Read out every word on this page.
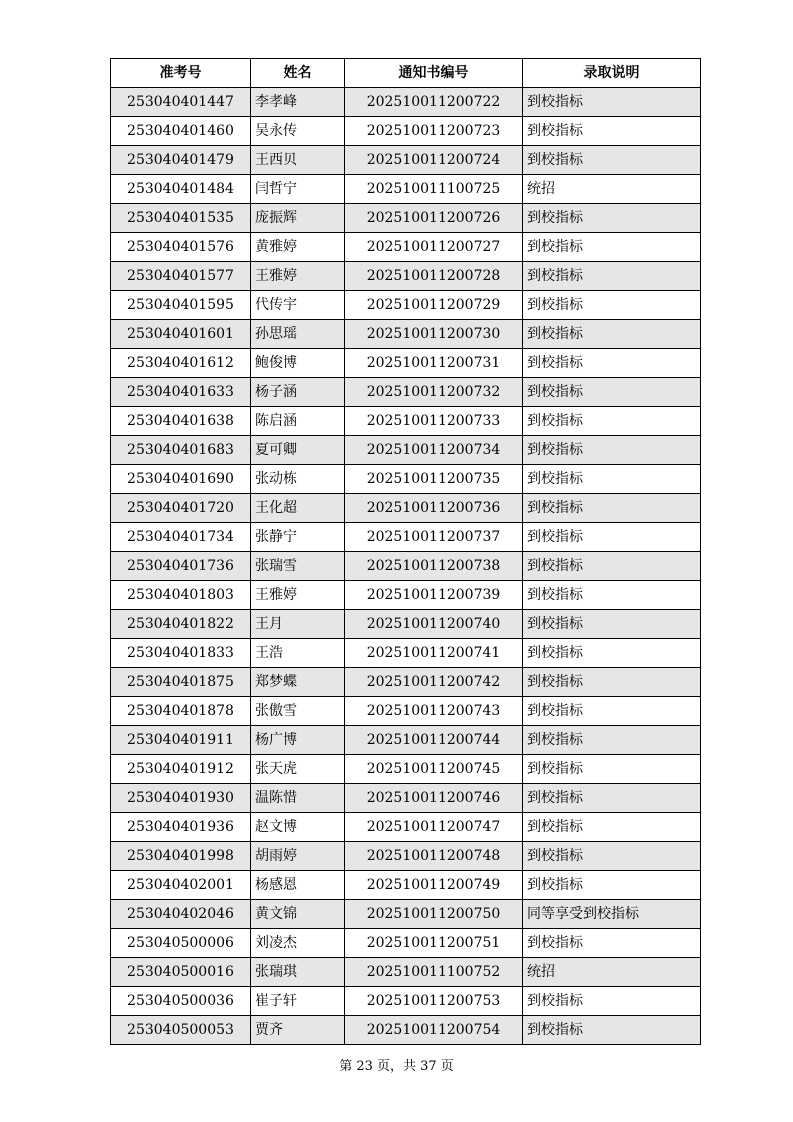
准考号	姓名	通知书编号	录取说明
253040401447	李孝峰	202510011200722	到校指标
253040401460	吴永传	202510011200723	到校指标
253040401479	王西贝	202510011200724	到校指标
253040401484	闫哲宁	202510011100725	统招
253040401535	庞振辉	202510011200726	到校指标
253040401576	黄雅婷	202510011200727	到校指标
253040401577	王雅婷	202510011200728	到校指标
253040401595	代传宇	202510011200729	到校指标
253040401601	孙思瑶	202510011200730	到校指标
253040401612	鲍俊博	202510011200731	到校指标
253040401633	杨子涵	202510011200732	到校指标
253040401638	陈启涵	202510011200733	到校指标
253040401683	夏可卿	202510011200734	到校指标
253040401690	张动栋	202510011200735	到校指标
253040401720	王化超	202510011200736	到校指标
253040401734	张静宁	202510011200737	到校指标
253040401736	张瑞雪	202510011200738	到校指标
253040401803	王雅婷	202510011200739	到校指标
253040401822	王月	202510011200740	到校指标
253040401833	王浩	202510011200741	到校指标
253040401875	郑梦蝶	202510011200742	到校指标
253040401878	张傲雪	202510011200743	到校指标
253040401911	杨广博	202510011200744	到校指标
253040401912	张天虎	202510011200745	到校指标
253040401930	温陈惜	202510011200746	到校指标
253040401936	赵文博	202510011200747	到校指标
253040401998	胡雨婷	202510011200748	到校指标
253040402001	杨感恩	202510011200749	到校指标
253040402046	黄文锦	202510011200750	同等享受到校指标
253040500006	刘凌杰	202510011200751	到校指标
253040500016	张瑞琪	202510011100752	统招
253040500036	崔子轩	202510011200753	到校指标
253040500053	贾齐	202510011200754	到校指标
第 23 页，共 37 页
